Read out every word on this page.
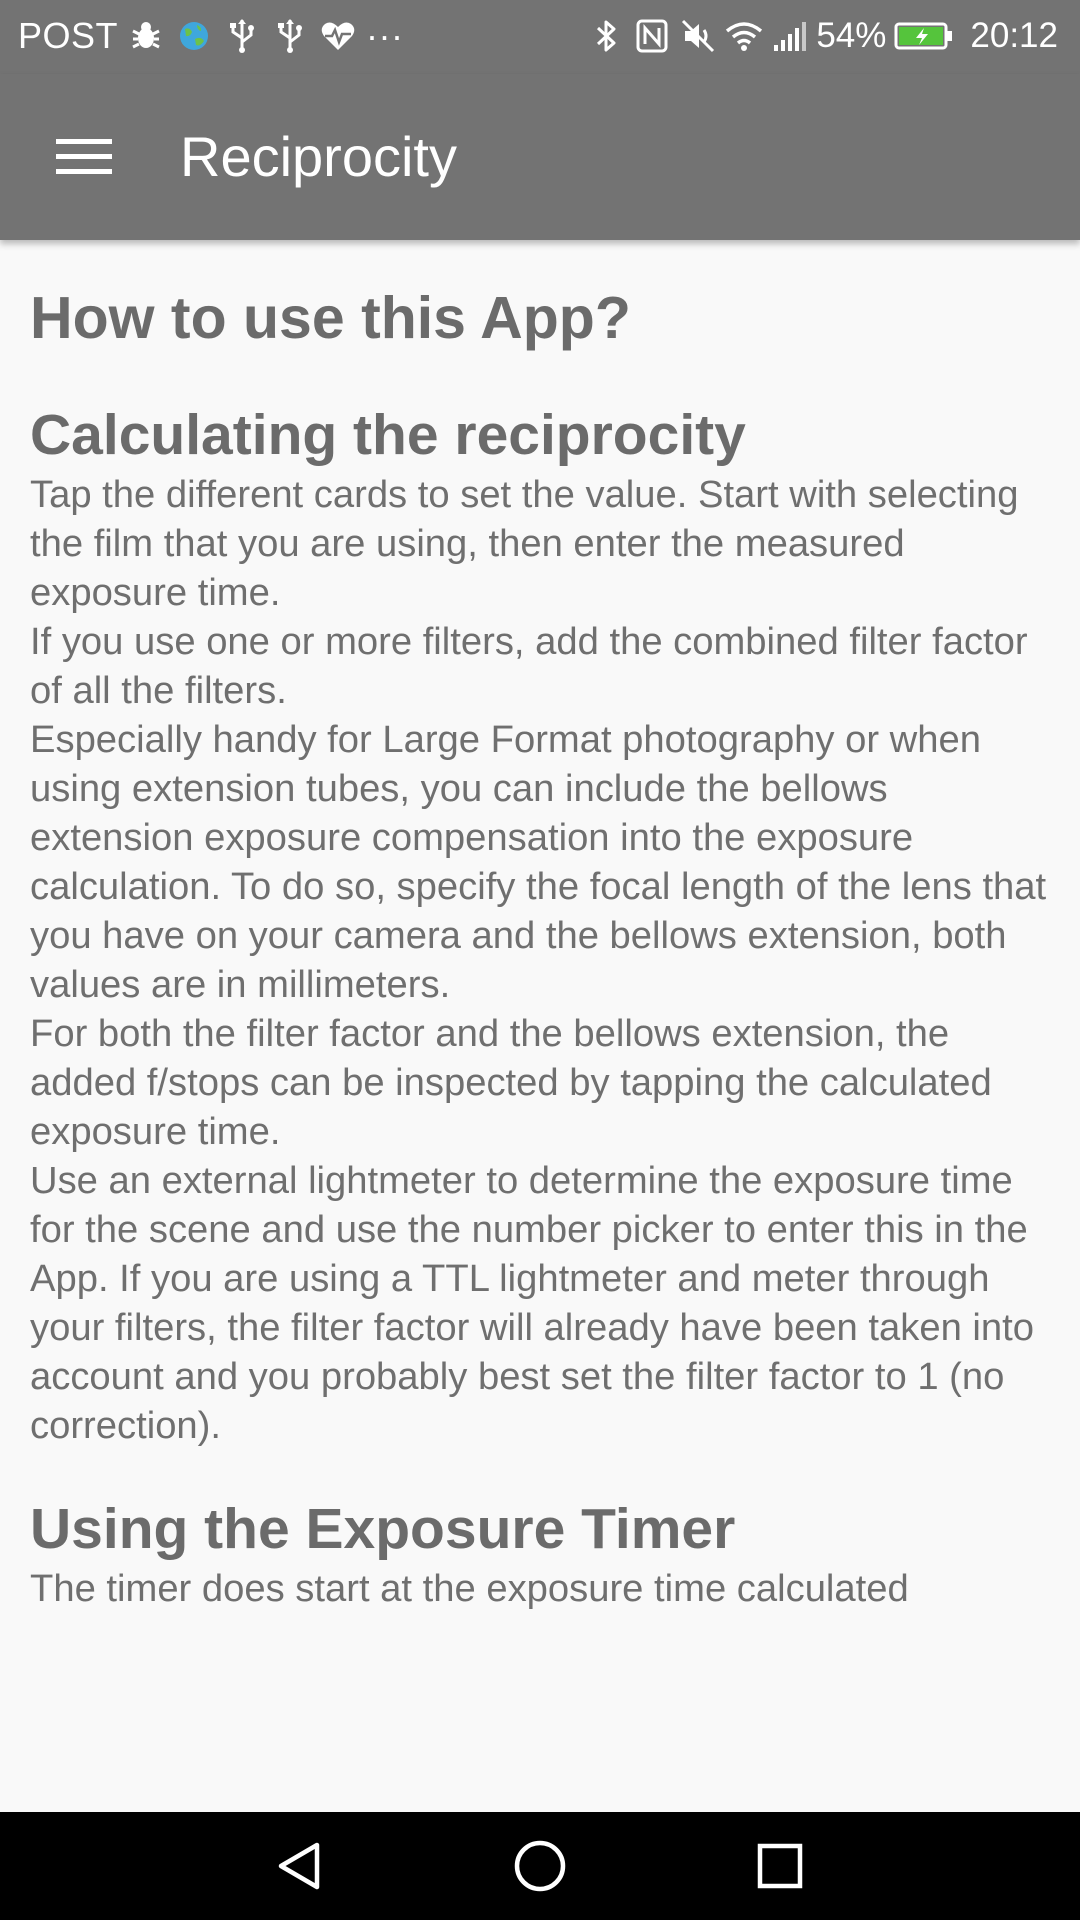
POST	···	54% 20:12
Reciprocity
How to use this App?
Calculating the reciprocity

Tap the different cards to set the value. Start with selecting the film that you are using, then enter the measured exposure time.

If you use one or more filters, add the combined filter factor of all the filters.

Especially handy for Large Format photography or when using extension tubes, you can include the bellows extension exposure compensation into the exposure calculation. To do so, specify the focal length of the lens that you have on your camera and the bellows extension, both values are in millimeters.

For both the filter factor and the bellows extension, the added f/stops can be inspected by tapping the calculated exposure time.

Use an external lightmeter to determine the exposure time for the scene and use the number picker to enter this in the App. If you are using a TTL lightmeter and meter through your filters, the filter factor will already have been taken into account and you probably best set the filter factor to 1 (no correction).

Using the Exposure Timer

The timer does start at the exposure time calculated
